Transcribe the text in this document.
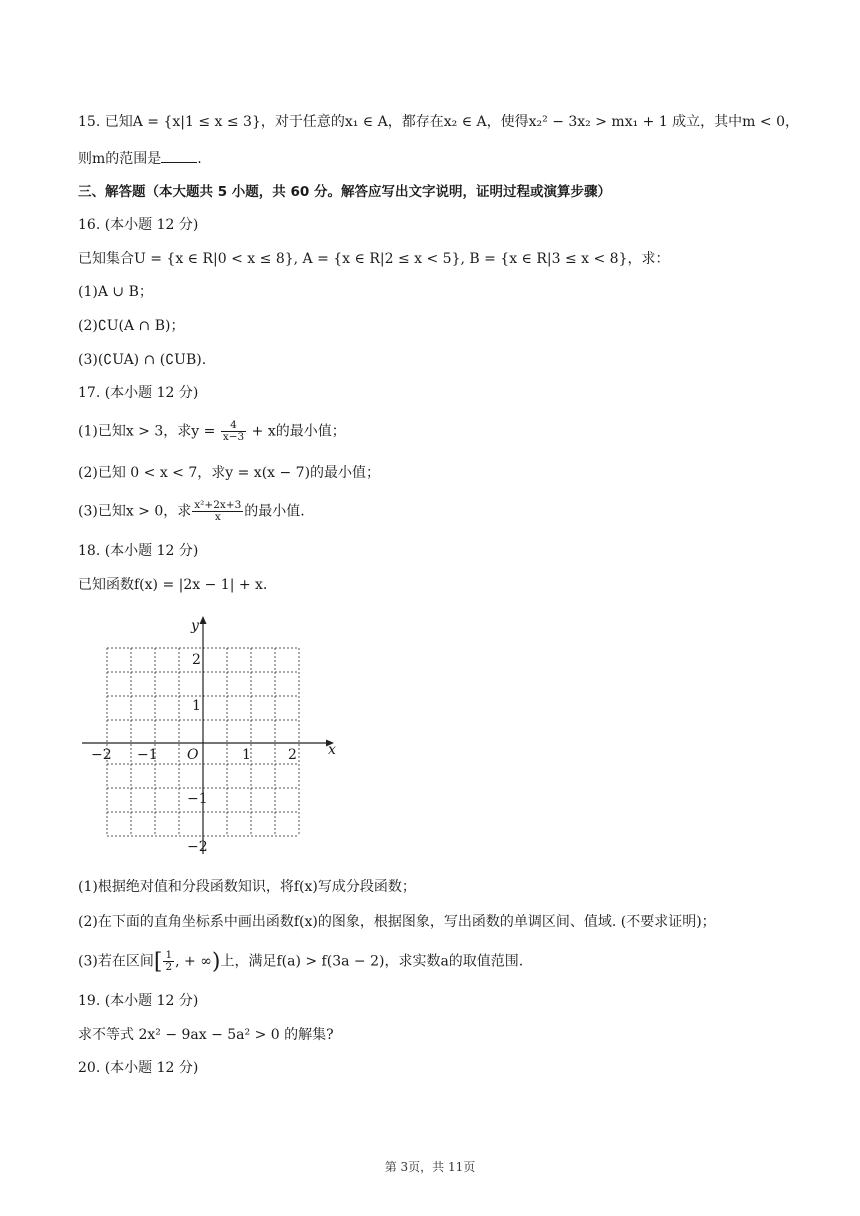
15. 已知A = {x|1 ≤ x ≤ 3}，对于任意的x₁ ∈ A，都存在x₂ ∈ A，使得x₂² − 3x₂ > mx₁ + 1 成立，其中m < 0，
则m的范围是	.
三、解答题（本大题共 5 小题，共 60 分。解答应写出文字说明，证明过程或演算步骤）
16. (本小题 12 分)
已知集合U = {x ∈ R|0 < x ≤ 8}, A = {x ∈ R|2 ≤ x < 5}, B = {x ∈ R|3 ≤ x < 8}，求：
(1)A ∪ B；
(2)∁U(A ∩ B)；
(3)(∁UA) ∩ (∁UB).
17. (本小题 12 分)
(1)已知x > 3，求$y = \frac{4}{x-3} + x$的最小值；
(2)已知 0 < x < 7，求y = x(x − 7)的最小值；
(3)已知x > 0，求 $\frac{\text{x²+2x+3}}{x}$ 的最小值.
18. (本小题 12 分)
已知函数f(x) = |2x − 1| + x.
x
y
O
−2 −1	1	2
2
1
−1
−2
(1)根据绝对值和分段函数知识，将f(x)写成分段函数；
(2)在下面的直角坐标系中画出函数f(x)的图象，根据图象，写出函数的单调区间、值域. (不要求证明)；
(3)若在区间[ $\frac{1}{2}$ , + ∞)上，满足f(a) > f(3a − 2)，求实数a的取值范围.
19. (本小题 12 分)
求不等式 2x² − 9ax − 5a² > 0 的解集?
20. (本小题 12 分)
第 3页，共 11页
